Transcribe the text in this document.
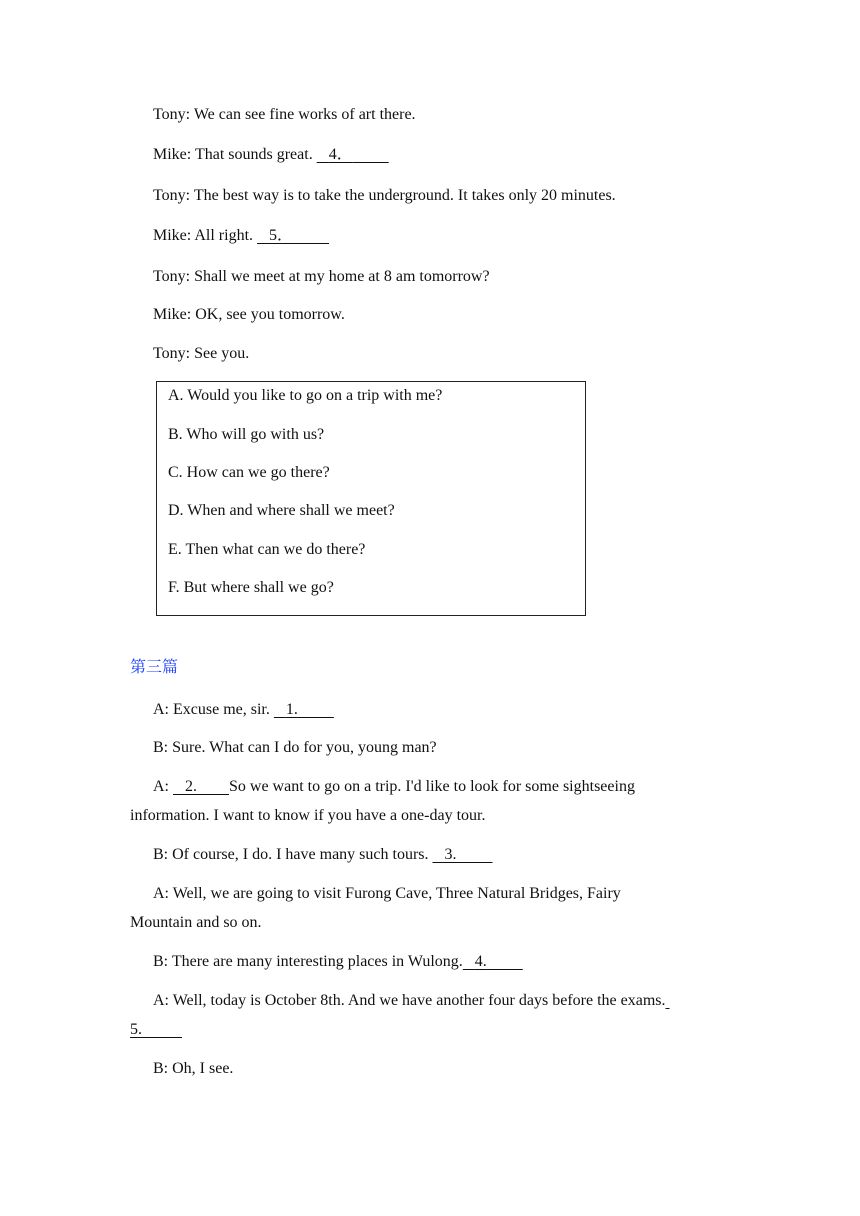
Tony: We can see fine works of art there.
Mike: That sounds great. 4．
Tony: The best way is to take the underground. It takes only 20 minutes.
Mike: All right. 5．
Tony: Shall we meet at my home at 8 am tomorrow?
Mike: OK, see you tomorrow.
Tony: See you.
A. Would you like to go on a trip with me?
B. Who will go with us?
C. How can we go there?
D. When and where shall we meet?
E. Then what can we do there?
F. But where shall we go?
第三篇
A: Excuse me, sir. 1.
B: Sure. What can I do for you, young man?
A: 2. So we want to go on a trip. I'd like to look for some sightseeing
information. I want to know if you have a one-day tour.
B: Of course, I do. I have many such tours. 3.
A: Well, we are going to visit Furong Cave, Three Natural Bridges, Fairy
Mountain and so on.
B: There are many interesting places in Wulong. 4.
A: Well, today is October 8th. And we have another four days before the exams.
5.
B: Oh, I see.
